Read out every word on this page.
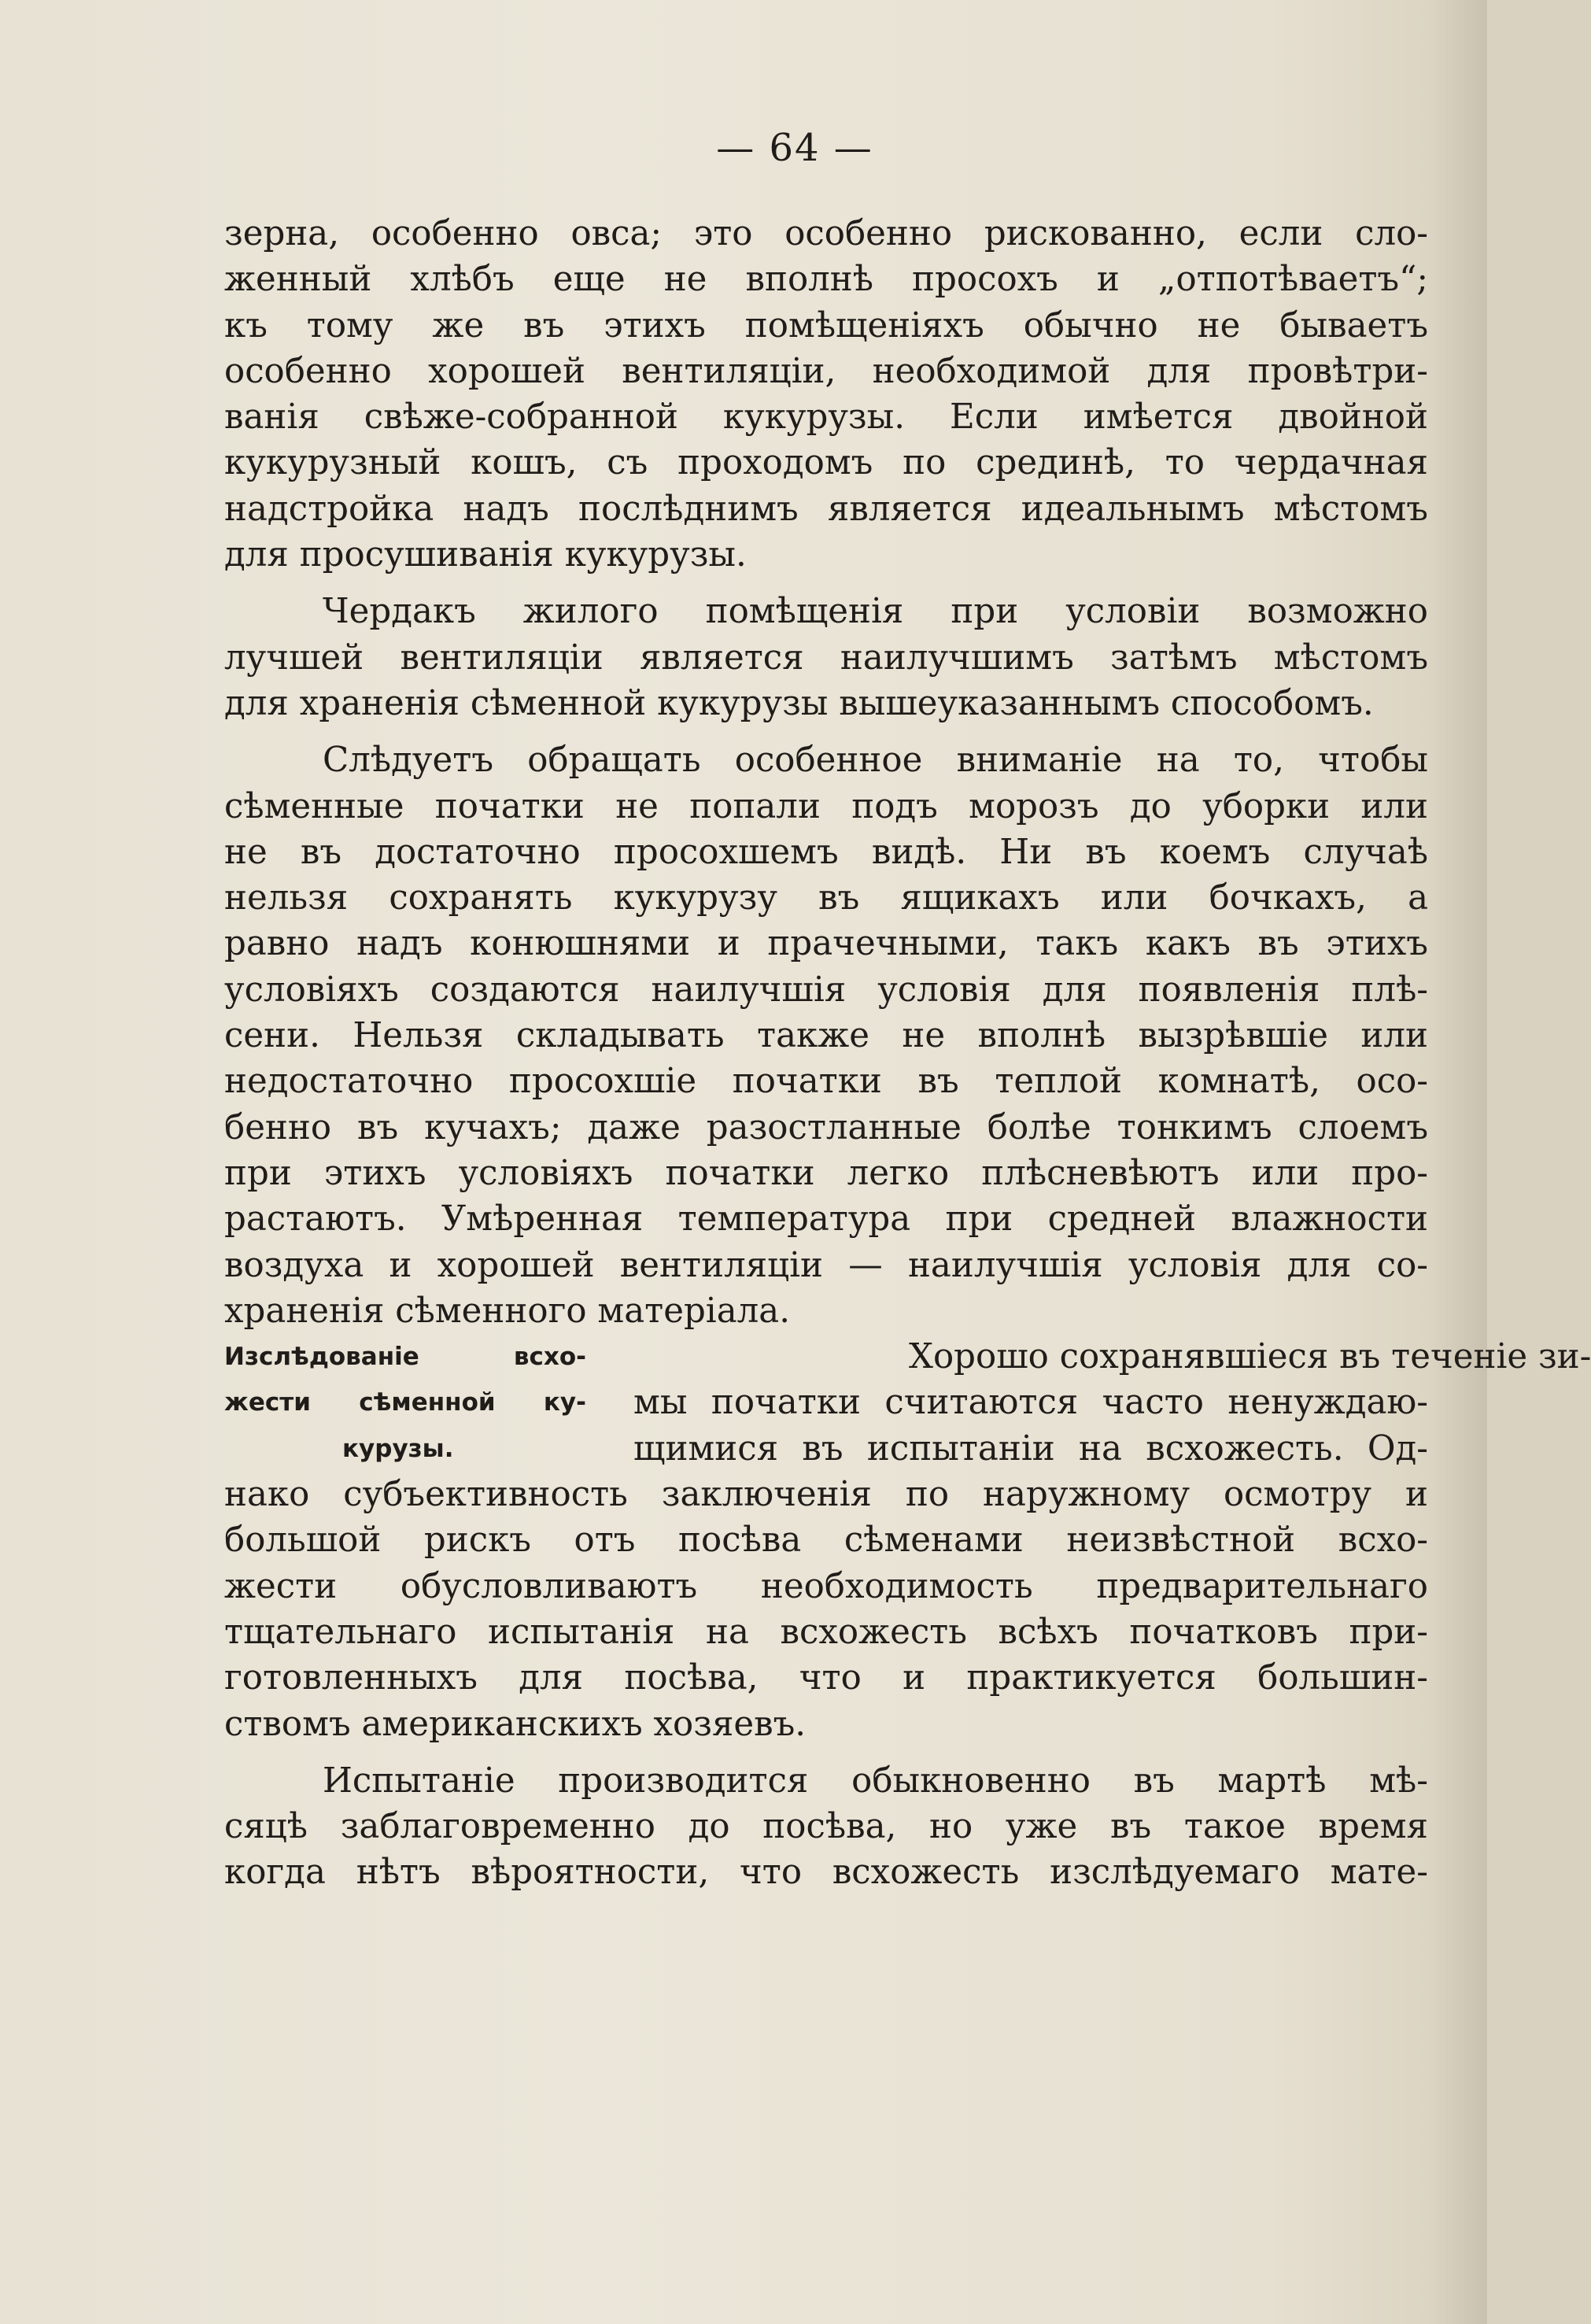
— 64 —
зерна, особенно овса; это особенно рискованно, если сло-
женный хлѣбъ еще не вполнѣ просохъ и „отпотѣваетъ“;
къ тому же въ этихъ помѣщеніяхъ обычно не бываетъ
особенно хорошей вентиляціи, необходимой для провѣтри-
ванія свѣже-собранной кукурузы. Если имѣется двойной
кукурузный кошъ, съ проходомъ по срединѣ, то чердачная
надстройка надъ послѣднимъ является идеальнымъ мѣстомъ
для просушиванія кукурузы.
Чердакъ жилого помѣщенія при условіи возможно
лучшей вентиляціи является наилучшимъ затѣмъ мѣстомъ
для храненія сѣменной кукурузы вышеуказаннымъ способомъ.
Слѣдуетъ обращать особенное вниманіе на то, чтобы
сѣменные початки не попали подъ морозъ до уборки или
не въ достаточно просохшемъ видѣ. Ни въ коемъ случаѣ
нельзя сохранять кукурузу въ ящикахъ или бочкахъ, а
равно надъ конюшнями и прачечными, такъ какъ въ этихъ
условіяхъ создаются наилучшія условія для появленія плѣ-
сени. Нельзя складывать также не вполнѣ вызрѣвшіе или
недостаточно просохшіе початки въ теплой комнатѣ, осо-
бенно въ кучахъ; даже разостланные болѣе тонкимъ слоемъ
при этихъ условіяхъ початки легко плѣсневѣютъ или про-
растаютъ. Умѣренная температура при средней влажности
воздуха и хорошей вентиляціи — наилучшія условія для со-
храненія сѣменного матеріала.
Изслѣдованіе всхо-
жести сѣменной ку-
курузы.
Хорошо сохранявшіеся въ теченіе зи-
мы початки считаются часто ненуждаю-
щимися въ испытаніи на всхожесть. Од-
нако субъективность заключенія по наружному осмотру и
большой рискъ отъ посѣва сѣменами неизвѣстной всхо-
жести обусловливаютъ необходимость предварительнаго
тщательнаго испытанія на всхожесть всѣхъ початковъ при-
готовленныхъ для посѣва, что и практикуется большин-
ствомъ американскихъ хозяевъ.
Испытаніе производится обыкновенно въ мартѣ мѣ-
сяцѣ заблаговременно до посѣва, но уже въ такое время
когда нѣтъ вѣроятности, что всхожесть изслѣдуемаго мате-
